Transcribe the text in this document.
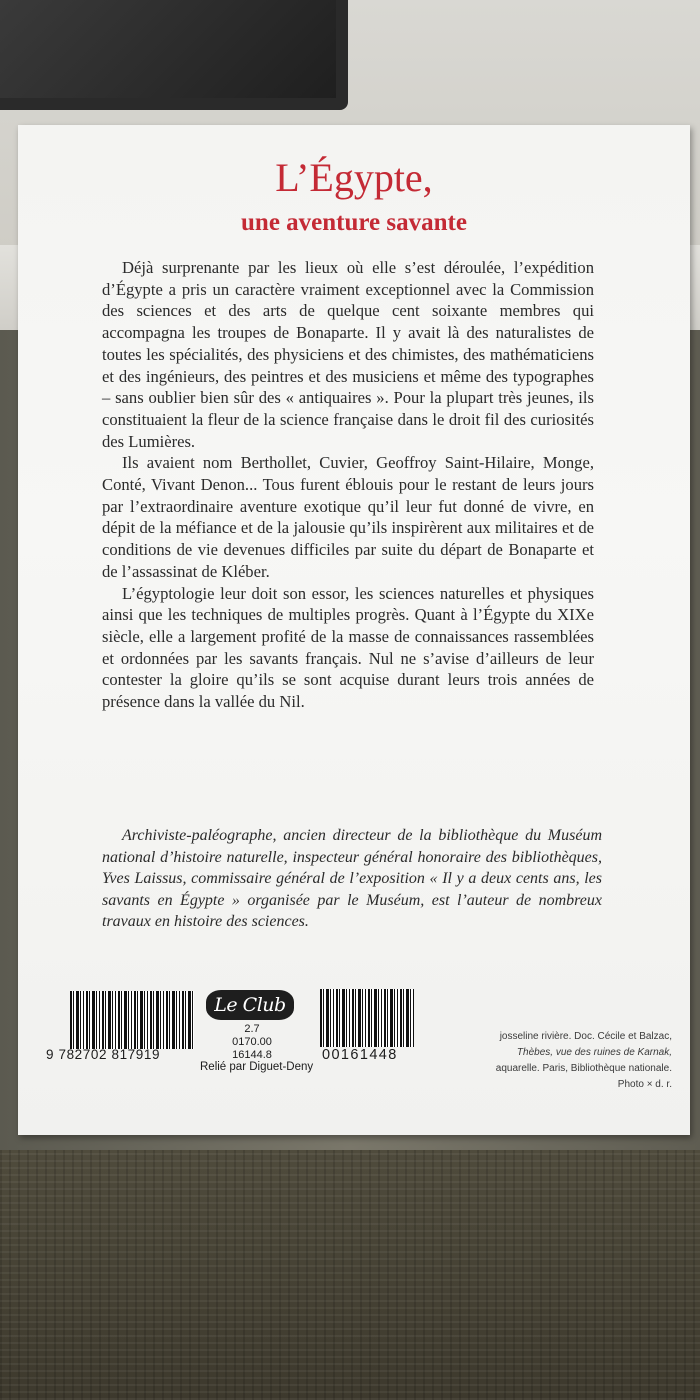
L’Égypte,
une aventure savante

Déjà surprenante par les lieux où elle s’est déroulée, l’expédition d’Égypte a pris un caractère vraiment exceptionnel avec la Commission des sciences et des arts de quelque cent soixante membres qui accompagna les troupes de Bonaparte. Il y avait là des naturalistes de toutes les spécialités, des physiciens et des chimistes, des mathématiciens et des ingénieurs, des peintres et des musiciens et même des typographes – sans oublier bien sûr des « antiquaires ». Pour la plupart très jeunes, ils constituaient la fleur de la science française dans le droit fil des curiosités des Lumières.

Ils avaient nom Berthollet, Cuvier, Geoffroy Saint-Hilaire, Monge, Conté, Vivant Denon... Tous furent éblouis pour le restant de leurs jours par l’extraordinaire aventure exotique qu’il leur fut donné de vivre, en dépit de la méfiance et de la jalousie qu’ils inspirèrent aux militaires et de conditions de vie devenues difficiles par suite du départ de Bonaparte et de l’assassinat de Kléber.

L’égyptologie leur doit son essor, les sciences naturelles et physiques ainsi que les techniques de multiples progrès. Quant à l’Égypte du XIXe siècle, elle a largement profité de la masse de connaissances rassemblées et ordonnées par les savants français. Nul ne s’avise d’ailleurs de leur contester la gloire qu’ils se sont acquise durant leurs trois années de présence dans la vallée du Nil.

Archiviste-paléographe, ancien directeur de la bibliothèque du Muséum national d’histoire naturelle, inspecteur général honoraire des bibliothèques, Yves Laissus, commissaire général de l’exposition « Il y a deux cents ans, les savants en Égypte » organisée par le Muséum, est l’auteur de nombreux travaux en histoire des sciences.

9 782702 817919

Le Club
2.7
0170.00
16144.8

Relié par Diguet-Deny

00161448

josseline rivière. Doc. Cécile et Balzac,
Thèbes, vue des ruines de Karnak,
aquarelle. Paris, Bibliothèque nationale.
Photo × d. r.
